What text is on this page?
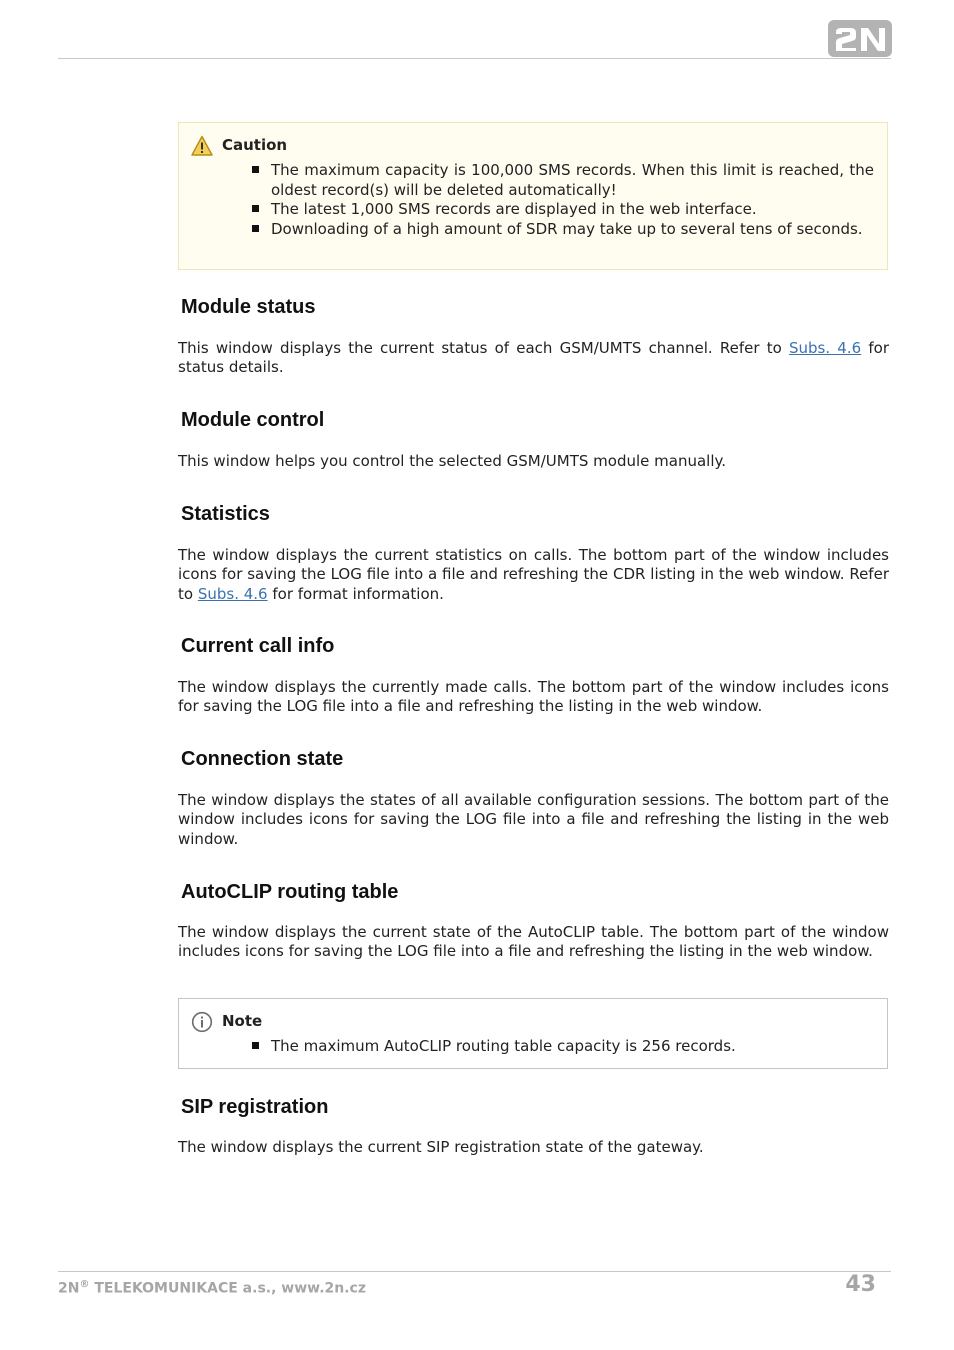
Caution
The maximum capacity is 100,000 SMS records. When this limit is reached, the oldest record(s) will be deleted automatically!
The latest 1,000 SMS records are displayed in the web interface.
Downloading of a high amount of SDR may take up to several tens of seconds.
Module status

This window displays the current status of each GSM/UMTS channel. Refer to Subs. 4.6 for status details.

Module control

This window helps you control the selected GSM/UMTS module manually.

Statistics

The window displays the current statistics on calls. The bottom part of the window includes icons for saving the LOG file into a file and refreshing the CDR listing in the web window. Refer to Subs. 4.6 for format information.

Current call info

The window displays the currently made calls. The bottom part of the window includes icons for saving the LOG file into a file and refreshing the listing in the web window.

Connection state

The window displays the states of all available configuration sessions. The bottom part of the window includes icons for saving the LOG file into a file and refreshing the listing in the web window.

AutoCLIP routing table

The window displays the current state of the AutoCLIP table. The bottom part of the window includes icons for saving the LOG file into a file and refreshing the listing in the web window.

Note
The maximum AutoCLIP routing table capacity is 256 records.
SIP registration

The window displays the current SIP registration state of the gateway.

2N® TELEKOMUNIKACE a.s., www.2n.cz	43
